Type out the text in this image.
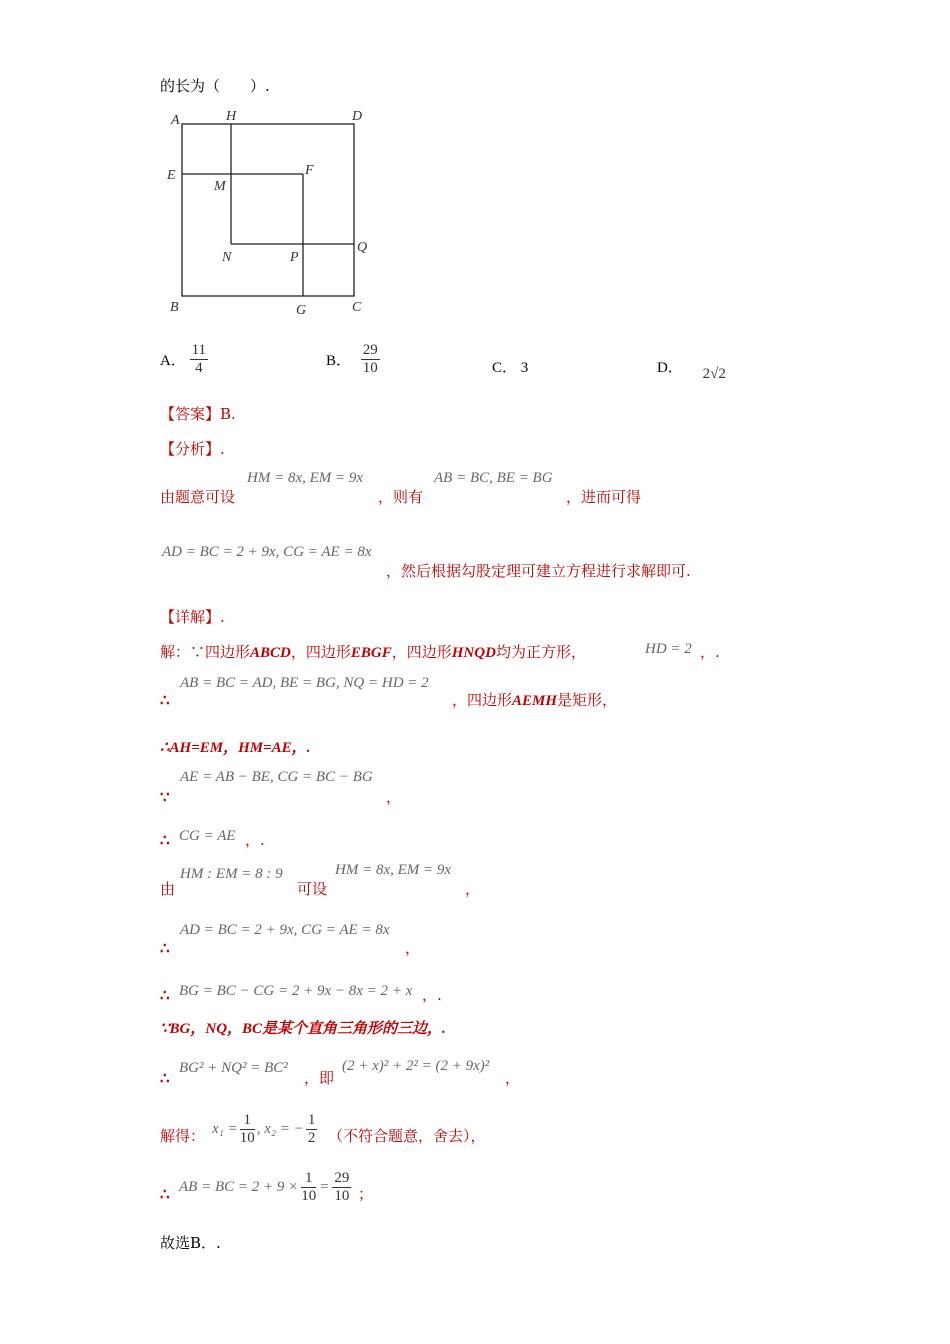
的长为（　　）.
A	H	D
E
M
F
N	P
Q
B	G	C
A． $\frac{11}{4}$	B． $\frac{29}{10}$	C． 3	D． 2√2
【答案】B.
【分析】.
由题意可设
HM = 8x, EM = 9x
，则有
AB = BC, BE = BG
，进而可得
AD = BC = 2 + 9x, CG = AE = 8x
，然后根据勾股定理可建立方程进行求解即可.
【详解】.
解：∵四边形ABCD，四边形EBGF，四边形HNQD均为正方形，	HD = 2 ，.
∴
AB = BC = AD, BE = BG, NQ = HD = 2
，四边形AEMH是矩形，
∴AH=EM，HM=AE，.
∵
AE = AB − BE, CG = BC − BG
，
∴ CG = AE ，.
由
HM : EM = 8 : 9
可设
HM = 8x, EM = 9x
，
∴
AD = BC = 2 + 9x, CG = AE = 8x
，
∴ BG = BC − CG = 2 + 9x − 8x = 2 + x ，.
∵BG，NQ，BC是某个直角三角形的三边，.
∴
BG² + NQ² = BC²
，即
(2 + x)² + 2² = (2 + 9x)²
，
解得： $x_1 = \frac{1}{10}$ , x₂ = − $\frac{1}{2}$ （不符合题意，舍去），
∴ AB = BC = $2 + 9 \times \frac{1}{10} = \frac{29}{10}$ ；
故选B．.
